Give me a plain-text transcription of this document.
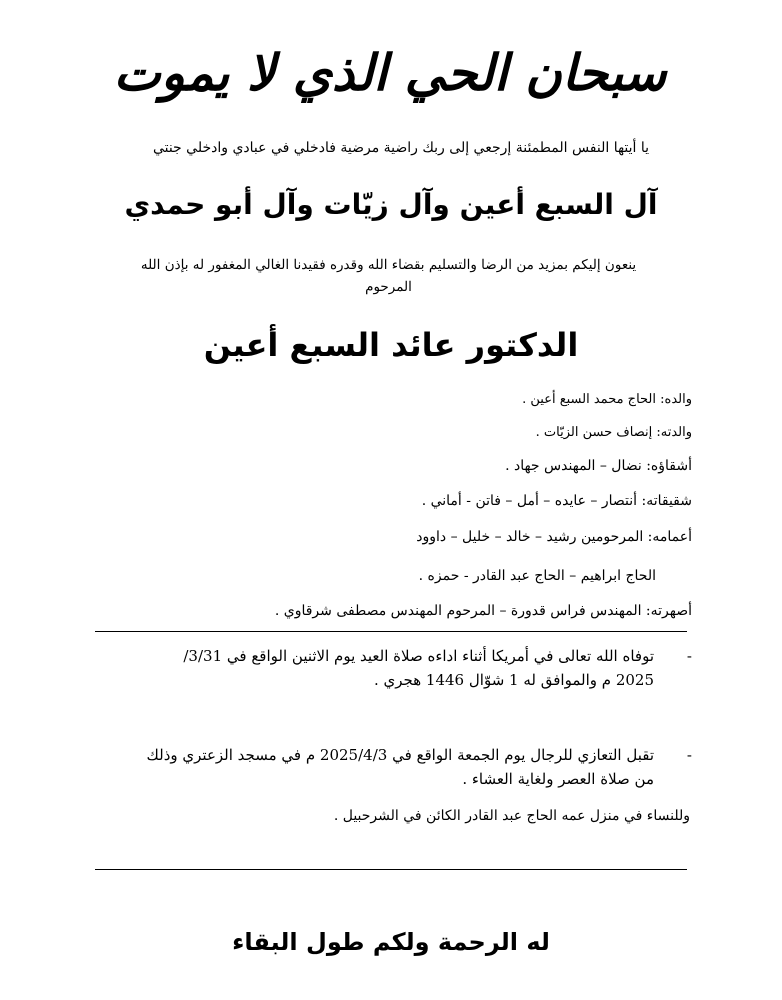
سبحان الحي الذي لا يموت
يا أيتها النفس المطمئنة إرجعي إلى ربك راضية مرضية فادخلي في عبادي وادخلي جنتي
آل السبع أعين وآل زيّات وآل أبو حمدي
ينعون إليكم بمزيد من الرضا والتسليم بقضاء الله وقدره فقيدنا الغالي المغفور له بإذن الله
المرحوم
الدكتور عائد السبع أعين
والده: الحاج محمد السبع أعين .
والدته: إنصاف حسن الزيّات .
أشقاؤه: نضال – المهندس جهاد .
شقيقاته: أنتصار – عايده – أمل – فاتن - أماني .
أعمامه: المرحومين رشيد – خالد – خليل – داوود
الحاج ابراهيم – الحاج عبد القادر - حمزه .
أصهرته: المهندس فراس قدورة – المرحوم المهندس مصطفى شرقاوي .
-
توفاه الله تعالى في أمريكا أثناء اداءه صلاة العيد يوم الاثنين الواقع في 3/31/
2025 م والموافق له 1 شوّال 1446 هجري .
-
تقبل التعازي للرجال يوم الجمعة الواقع في 2025/4/3 م في مسجد الزعتري وذلك
من صلاة العصر ولغاية العشاء .
وللنساء في منزل عمه الحاج عبد القادر الكائن في الشرحبيل .
له الرحمة ولكم طول البقاء
